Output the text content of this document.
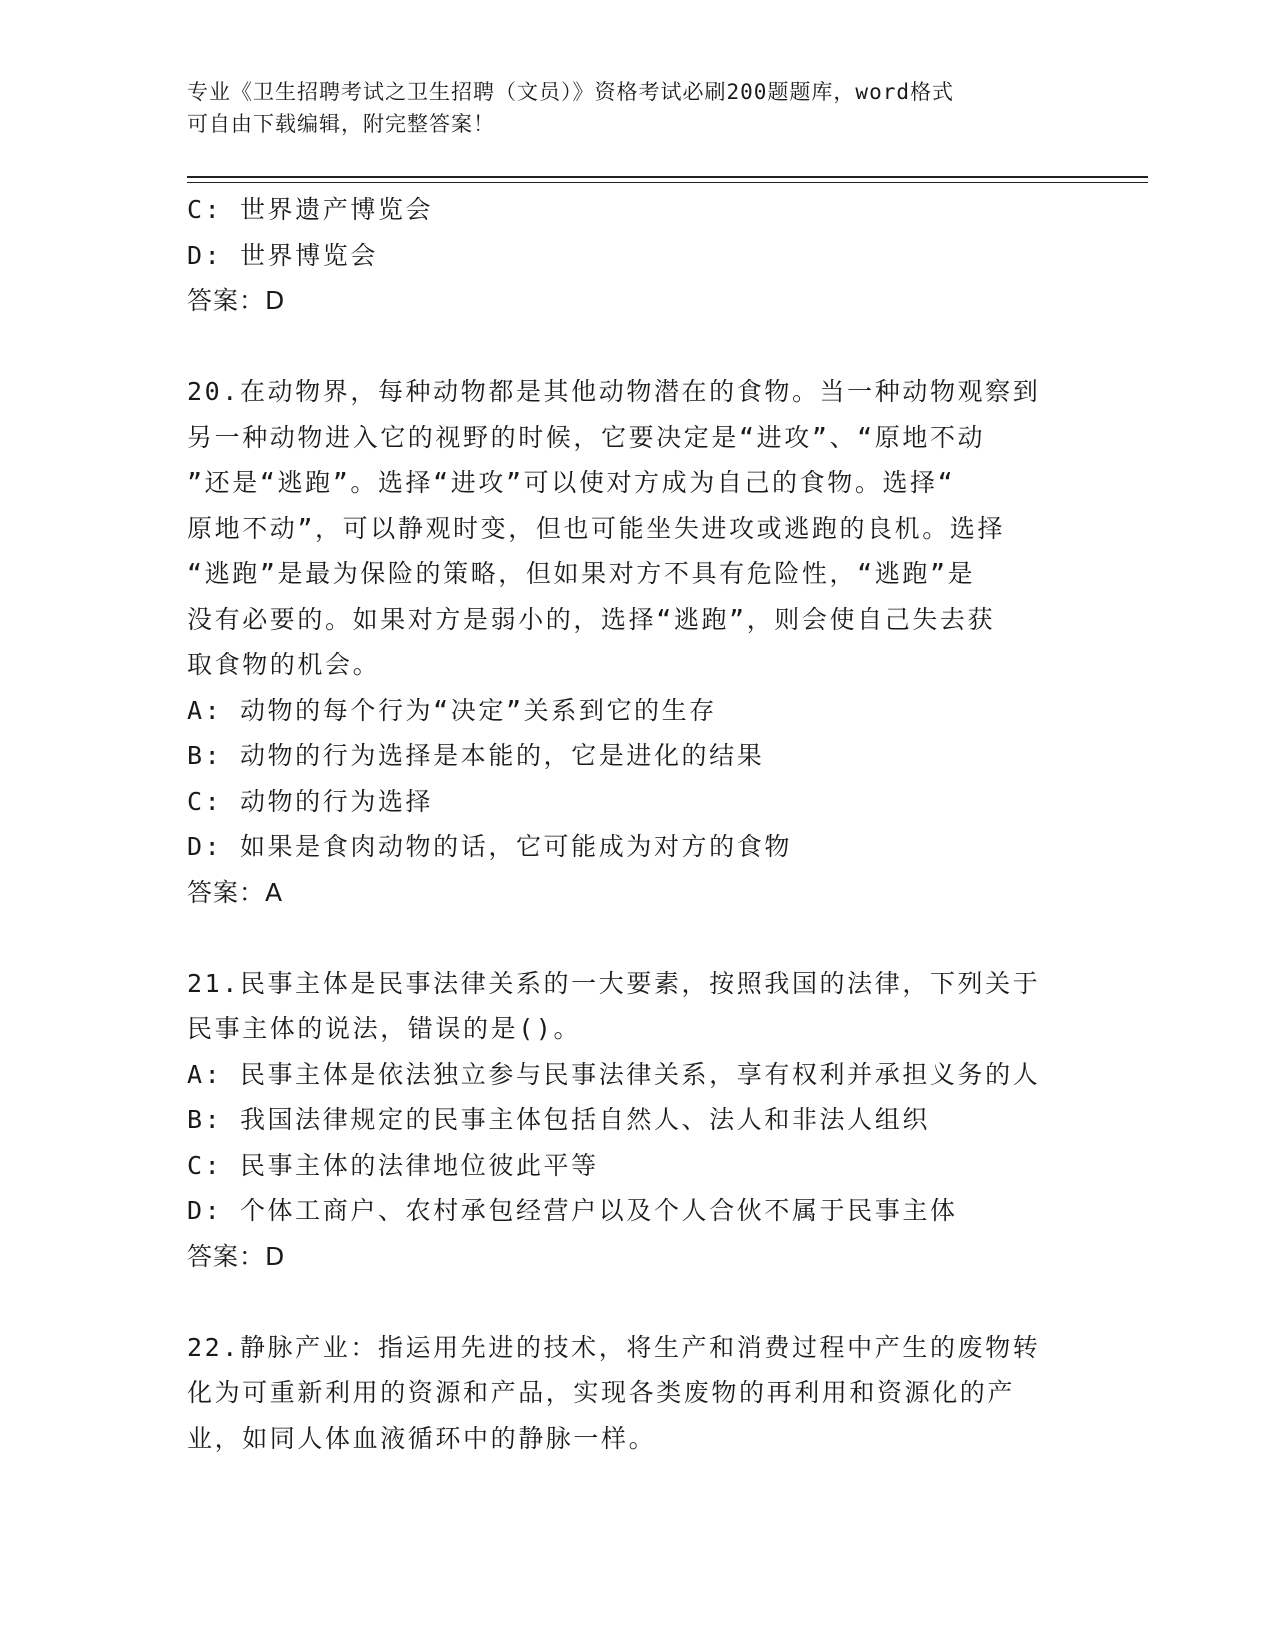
专业《卫生招聘考试之卫生招聘（文员）》资格考试必刷200题题库，word格式
可自由下载编辑，附完整答案！

C: 世界遗产博览会

D: 世界博览会

答案：D

20.在动物界，每种动物都是其他动物潜在的食物。当一种动物观察到

另一种动物进入它的视野的时候，它要决定是“进攻”、“原地不动

”还是“逃跑”。选择“进攻”可以使对方成为自己的食物。选择“

原地不动”，可以静观时变，但也可能坐失进攻或逃跑的良机。选择

“逃跑”是最为保险的策略，但如果对方不具有危险性，“逃跑”是

没有必要的。如果对方是弱小的，选择“逃跑”，则会使自己失去获

取食物的机会。

A: 动物的每个行为“决定”关系到它的生存

B: 动物的行为选择是本能的，它是进化的结果

C: 动物的行为选择

D: 如果是食肉动物的话，它可能成为对方的食物

答案：A

21.民事主体是民事法律关系的一大要素，按照我国的法律，下列关于

民事主体的说法，错误的是()。

A: 民事主体是依法独立参与民事法律关系，享有权利并承担义务的人

B: 我国法律规定的民事主体包括自然人、法人和非法人组织

C: 民事主体的法律地位彼此平等

D: 个体工商户、农村承包经营户以及个人合伙不属于民事主体

答案：D

22.静脉产业：指运用先进的技术，将生产和消费过程中产生的废物转

化为可重新利用的资源和产品，实现各类废物的再利用和资源化的产

业，如同人体血液循环中的静脉一样。
